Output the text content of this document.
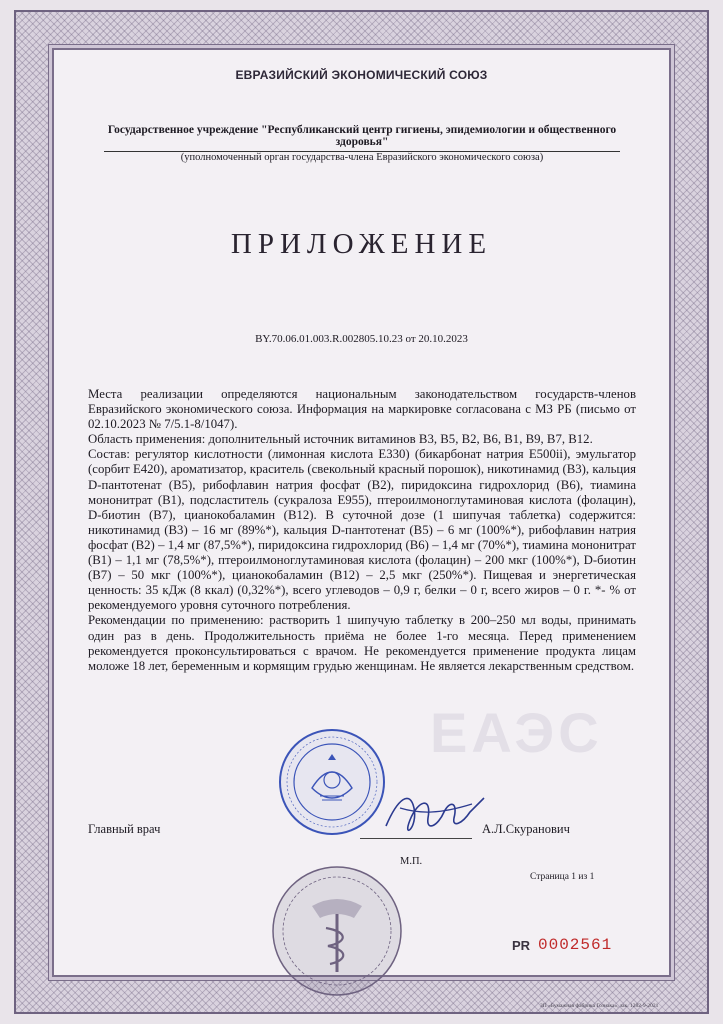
ЕВРАЗИЙСКИЙ ЭКОНОМИЧЕСКИЙ СОЮЗ
Государственное учреждение "Республиканский центр гигиены, эпидемиологии и общественного здоровья"
(уполномоченный орган государства-члена Евразийского экономического союза)
ПРИЛОЖЕНИЕ
BY.70.06.01.003.R.002805.10.23 от 20.10.2023
ЕАЭС

Места реализации определяются национальным законодательством государств-членов Евразийского экономического союза. Информация на маркировке согласована с МЗ РБ (письмо от 02.10.2023 № 7/5.1-8/1047).

Область применения: дополнительный источник витаминов B3, B5, B2, B6, B1, B9, B7, B12.

Состав: регулятор кислотности (лимонная кислота E330) (бикарбонат натрия E500ii), эмульгатор (сорбит E420), ароматизатор, краситель (свекольный красный порошок), никотинамид (B3), кальция D-пантотенат (B5), рибофлавин натрия фосфат (B2), пиридоксина гидрохлорид (B6), тиамина мононитрат (B1), подсластитель (сукралоза E955), птероилмоноглутаминовая кислота (фолацин), D-биотин (B7), цианокобаламин (B12). В суточной дозе (1 шипучая таблетка) содержится: никотинамид (B3) – 16 мг (89%*), кальция D-пантотенат (B5) – 6 мг (100%*), рибофлавин натрия фосфат (B2) – 1,4 мг (87,5%*), пиридоксина гидрохлорид (B6) – 1,4 мг (70%*), тиамина мононитрат (B1) – 1,1 мг (78,5%*), птероилмоноглутаминовая кислота (фолацин) – 200 мкг (100%*), D-биотин (B7) – 50 мкг (100%*), цианокобаламин (B12) – 2,5 мкг (250%*). Пищевая и энергетическая ценность: 35 кДж (8 ккал) (0,32%*), всего углеводов – 0,9 г, белки – 0 г, всего жиров – 0 г. *- % от рекомендуемого уровня суточного потребления.

Рекомендации по применению: растворить 1 шипучую таблетку в 200–250 мл воды, принимать один раз в день. Продолжительность приёма не более 1-го месяца. Перед применением рекомендуется проконсультироваться с врачом. Не рекомендуется применение продукта лицам моложе 18 лет, беременным и кормящим грудью женщинам. Не является лекарственным средством.

Главный врач	А.Л.Скуранович
М.П.
Страница 1 из 1
PR 0002561
ЗП «Бумажная фабрика Гознака», зак. 1282-9-2021
